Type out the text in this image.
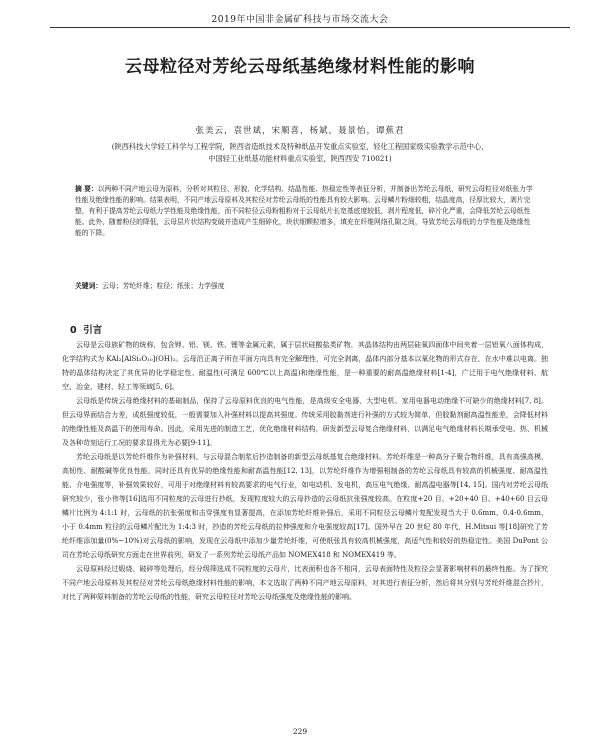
2019年中国非金属矿科技与市场交流大会
云母粒径对芳纶云母纸基绝缘材料性能的影响
张美云，袁世斌，宋顺喜，杨斌，聂景怡，谭蕉君
(陕西科技大学轻工科学与工程学院，陕西省造纸技术及特种纸品开发重点实验室，轻化工程国家级实验教学示范中心，
中国轻工业纸基功能材料重点实验室，陕西西安 710021)
摘 要：以两种不同产地云母为原料，分析对其粒径、形貌、化学结构、结晶性能、热稳定性等表征分析，并制备出芳纶云母纸，研究云母粒径对纸张力学性能及绝缘性能的影响。结果表明，不同产地云母原料及其粒径对芳纶云母纸的性能具有较大影响。云母鳞片粉细较粗，结晶度高，径厚比较大，剥片完整，有利于提高芳纶云母纸力学性能及绝缘性能，而不同粒径云母粉粗粉对于云母纸片长宽基底度较低，剥片程度低，碎片化严重，会降低芳纶云母纸性能。此外，随着粉径的降低，云母层片状结构变破并造成产生细碎化，块状细颗粒增多，填充在纤维网络孔隙之间，导致芳纶云母纸的力学性能及绝缘性能的下降。
关键词：云母；芳纶纤维；粒径；纸张；力学强度
0 引言

云母是云母族矿物的统称，包含钾、铝、镁、铁、锂等金属元素，属于层状硅酸盐类矿物，其晶体结构由两层硅氧四面体中间夹着一层铝氧八面体构成，化学结构式为 KAl₂[AlSi₃O₁₀](OH)₂。云母沿正离子所在平面方向具有完全解理性，可完全剥离，晶体内部分基本以氧化物的形式存在，在水中难以电离。独特的晶体结构决定了其优异的化学稳定性、耐温性(可满足 600℃以上高温)和绝缘性能，是一种重要的耐高温绝缘材料[1-4]，广泛用于电气绝缘材料、航空、冶金、建材、轻工等领域[5, 6]。

云母纸是传统云母绝缘材料的基础制品，保持了云母原料优良的电气性能，是高级安全电器、大型电机、家用电器电动绝缘不可缺少的绝缘材料[7, 8]。但云母界面结合力差，成纸强度较低，一般需要加入补强材料以提高其强度。传统采用胶黏剂进行补强的方式较为简单，但胶黏剂耐高温性能差，会降低材料的绝缘性能及高温下的使用寿命。因此，采用先进的制造工艺，优化绝缘材料结构，研发新型云母复合绝缘材料，以满足电气绝缘材料长期承受电、热、机械及各种苛刻运行工况的要求显得尤为必要[9-11]。

芳纶云母纸是以芳纶纤维作为补强材料，与云母混合制浆后抄造制备的新型云母纸基复合绝缘材料。芳纶纤维是一种高分子聚合物纤维，具有高强高模、高韧性、耐酸碱等优良性能，同时还具有优异的绝缘性能和耐高温性能[12, 13]，以芳纶纤维作为增强相制备的芳纶云母纸具有较高的机械强度、耐高温性能、介电强度等，补强效果较好，可用于对绝缘材料有较高要求的电气行业，如电动机、发电机，高压电气绝缘、耐高温电器等[14, 15]。国内对芳纶云母纸研究较少，张小伟等[16]选用不同粒度的云母进行抄纸，发现粒度较大的云母抄造的云母纸抗张强度较高。在粒度+20 目、+20+40 目、+40+60 目云母鳞片比例为 4:1:1 时，云母纸的抗张强度和击穿强度有显著提高，在添加芳纶纤维补强后，采用不同粒径云母鳞片复配发现当大于 0.6mm、0.4-0.6mm、小于 0.4mm 粒径的云母鳞片配比为 1:4:3 时，抄造的芳纶云母纸的拉伸强度和介电强度较高[17]。国外早在 20 世纪 80 年代，H.Mitsui 等[18]研究了芳纶纤维添加量(0%~10%)对云母纸的影响，发现在云母纸中添加少量芳纶纤维，可使纸张具有较高机械强度，高适气性和较好的热稳定性。美国 DuPont 公司在芳纶云母纸研究方面走在世界前列，研发了一系列芳纶云母纸产品如 NOMEX418 和 NOMEX419 等。

云母原料经过煅烧、破碎等处理后，经分级筛选成不同粒度的云母片，比表面积也各不相同，云母表面特性及粒径会显著影响材料的最终性能。为了探究不同产地云母原料及其粒径对芳纶云母纸绝缘材料性能的影响，本文选取了两种不同产地云母原料，对其进行表征分析，然后将其分别与芳纶纤维混合抄片，对比了两种原料制备的芳纶云母纸的性能，研究云母粒径对芳纶云母纸强度及绝缘性能的影响。

229
